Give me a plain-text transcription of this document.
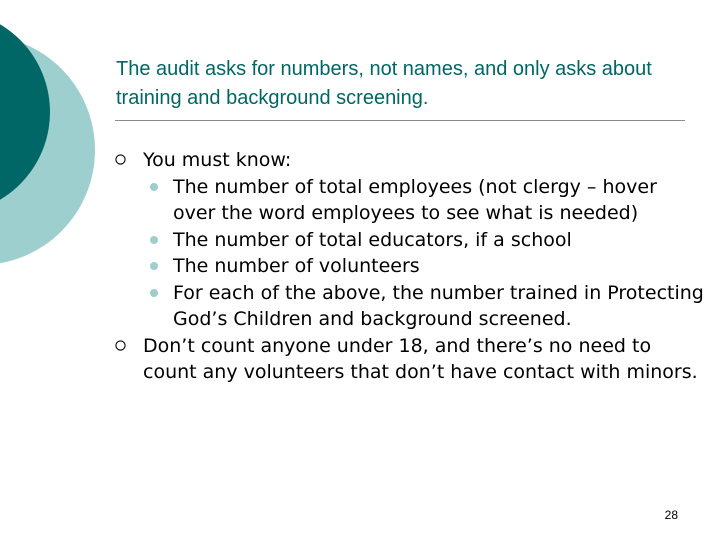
The audit asks for numbers, not names, and only asks about training and background screening.
You must know:
The number of total employees (not clergy – hover over the word employees to see what is needed)
The number of total educators, if a school
The number of volunteers
For each of the above, the number trained in Protecting God’s Children and background screened.
Don’t count anyone under 18, and there’s no need to count any volunteers that don’t have contact with minors.
28
